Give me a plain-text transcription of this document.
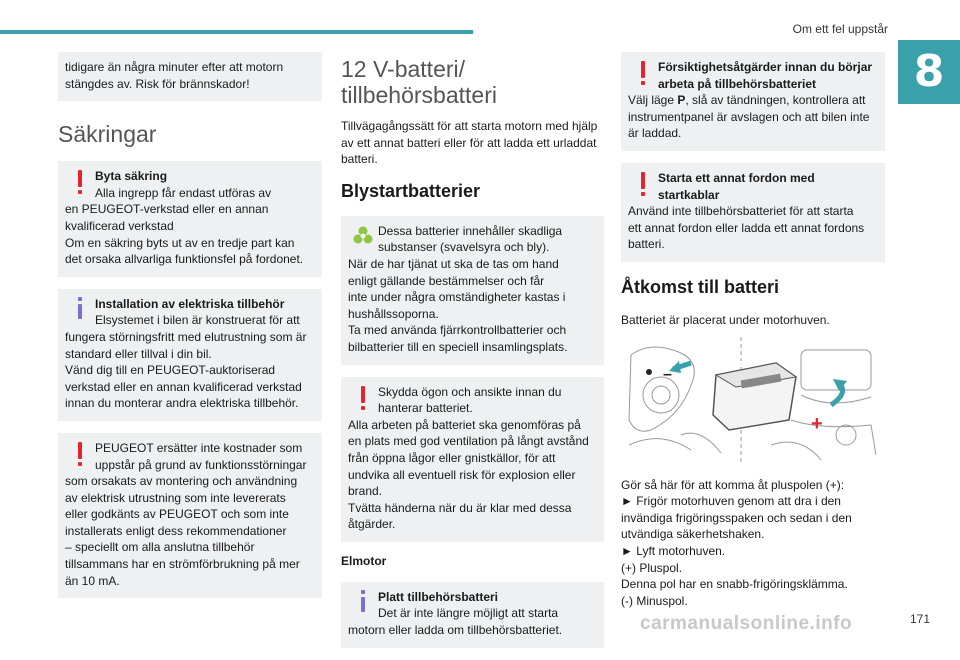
Om ett fel uppstår
8
tidigare än några minuter efter att motorn
stängdes av. Risk för brännskador!
Säkringar
Byta säkring
Alla ingrepp får endast utföras av
en PEUGEOT-verkstad eller en annan
kvalificerad verkstad
Om en säkring byts ut av en tredje part kan
det orsaka allvarliga funktionsfel på fordonet.
Installation av elektriska tillbehör
Elsystemet i bilen är konstruerat för att
fungera störningsfritt med elutrustning som är
standard eller tillval i din bil.
Vänd dig till en PEUGEOT-auktoriserad
verkstad eller en annan kvalificerad verkstad
innan du monterar andra elektriska tillbehör.
PEUGEOT ersätter inte kostnader som
uppstår på grund av funktionsstörningar
som orsakats av montering och användning
av elektrisk utrustning som inte levererats
eller godkänts av PEUGEOT och som inte
installerats enligt dess rekommendationer
– speciellt om alla anslutna tillbehör
tillsammans har en strömförbrukning på mer
än 10 mA.
12 V-batteri/
tillbehörsbatteri

Tillvägagångssätt för att starta motorn med hjälp
av ett annat batteri eller för att ladda ett urladdat
batteri.

Blystartbatterier
Dessa batterier innehåller skadliga
substanser (svavelsyra och bly).
När de har tjänat ut ska de tas om hand
enligt gällande bestämmelser och får
inte under några omständigheter kastas i
hushållssoporna.
Ta med använda fjärrkontrollbatterier och
bilbatterier till en speciell insamlingsplats.
Skydda ögon och ansikte innan du
hanterar batteriet.
Alla arbeten på batteriet ska genomföras på
en plats med god ventilation på långt avstånd
från öppna lågor eller gnistkällor, för att
undvika all eventuell risk för explosion eller
brand.
Tvätta händerna när du är klar med dessa
åtgärder.
Elmotor
Platt tillbehörsbatteri
Det är inte längre möjligt att starta
motorn eller ladda om tillbehörsbatteriet.
Försiktighetsåtgärder innan du börjar
arbeta på tillbehörsbatteriet
Välj läge P, slå av tändningen, kontrollera att
instrumentpanel är avslagen och att bilen inte
är laddad.
Starta ett annat fordon med
startkablar
Använd inte tillbehörsbatteriet för att starta
ett annat fordon eller ladda ett annat fordons
batteri.
Åtkomst till batteri

Batteriet är placerat under motorhuven.

–
+

Gör så här för att komma åt pluspolen (+):
► Frigör motorhuven genom att dra i den
invändiga frigöringsspaken och sedan i den
utvändiga säkerhetshaken.
► Lyft motorhuven.
(+) Pluspol.
Denna pol har en snabb-frigöringsklämma.
(-) Minuspol.

carmanualsonline.info	171
